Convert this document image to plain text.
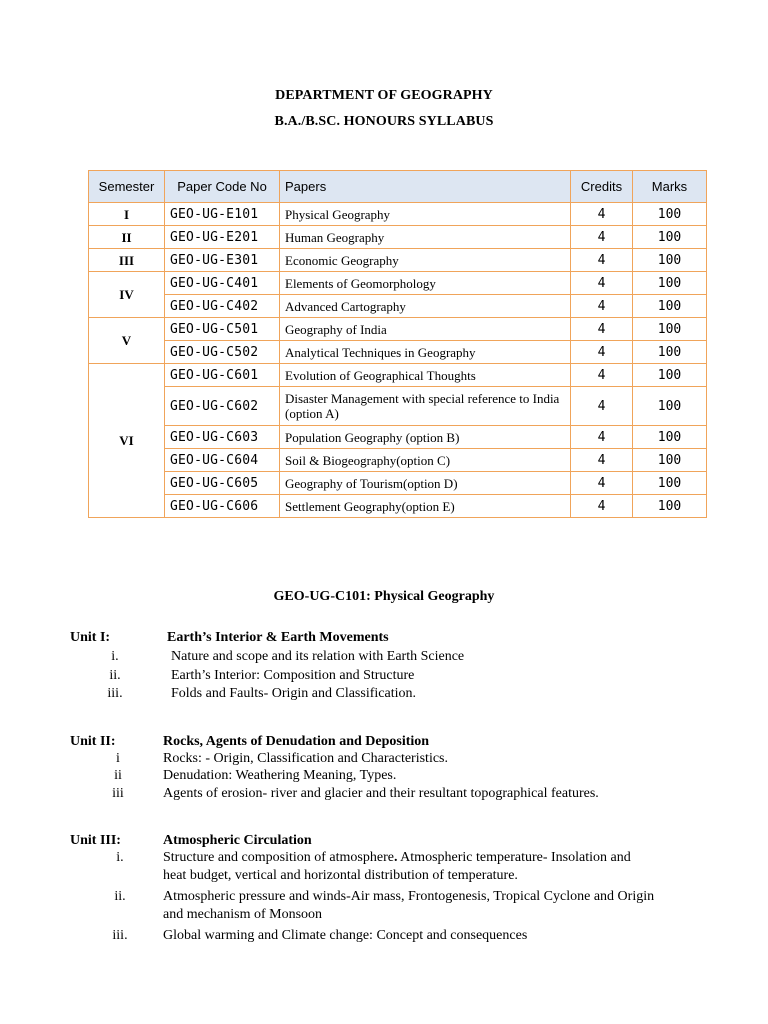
DEPARTMENT OF GEOGRAPHY
B.A./B.SC. HONOURS SYLLABUS
Semester	Paper Code No	Papers	Credits	Marks
I	GEO-UG-E101	Physical Geography	4	100
II	GEO-UG-E201	Human Geography	4	100
III	GEO-UG-E301	Economic Geography	4	100
IV	GEO-UG-C401	Elements of Geomorphology	4	100
	GEO-UG-C402	Advanced Cartography	4	100
V	GEO-UG-C501	Geography of India	4	100
	GEO-UG-C502	Analytical Techniques in Geography	4	100
VI	GEO-UG-C601	Evolution of Geographical Thoughts	4	100
	GEO-UG-C602	Disaster Management with special reference to India (option A)	4	100
	GEO-UG-C603	Population Geography (option B)	4	100
	GEO-UG-C604	Soil & Biogeography(option C)	4	100
	GEO-UG-C605	Geography of Tourism(option D)	4	100
	GEO-UG-C606	Settlement Geography(option E)	4	100
GEO-UG-C101: Physical Geography
Unit I:	Earth’s Interior & Earth Movements
i.	Nature and scope and its relation with Earth Science
ii.	Earth’s Interior: Composition and Structure
iii.	Folds and Faults- Origin and Classification.
Unit II:	Rocks, Agents of Denudation and Deposition
i	Rocks: - Origin, Classification and Characteristics.
ii	Denudation: Weathering Meaning, Types.
iii	Agents of erosion- river and glacier and their resultant topographical features.
Unit III:	Atmospheric Circulation
i.	Structure and composition of atmosphere. Atmospheric temperature- Insolation and
heat budget, vertical and horizontal distribution of temperature.
ii.	Atmospheric pressure and winds-Air mass, Frontogenesis, Tropical Cyclone and Origin
and mechanism of Monsoon
iii.	Global warming and Climate change: Concept and consequences
